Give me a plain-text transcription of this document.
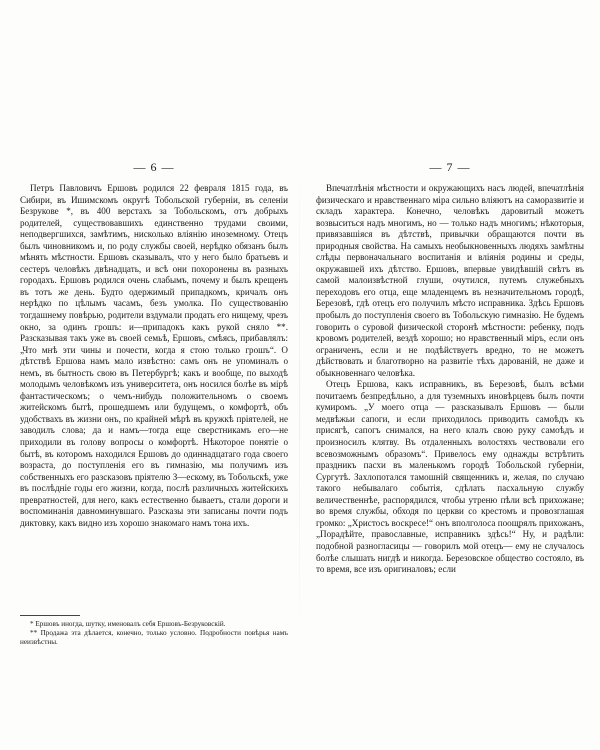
— 6 —

Петръ Павловичъ Ершовъ родился 22 февраля 1815 года, въ Сибири, въ Ишимскомъ округѣ Тобольской губерніи, въ селеніи Безрукове *, въ 400 верстахъ за Тобольскомъ, отъ добрыхъ родителей, существовавшихъ единственно трудами своими, неподвергшихся, замѣтимъ, нисколько вліянію иноземному. Отецъ былъ чиновникомъ и, по роду службы своей, нерѣдко обязанъ былъ мѣнять мѣстности. Ершовъ сказывалъ, что у него было братьевъ и сестеръ человѣкъ двѣнадцать, и всѣ они похоронены въ разныхъ городахъ. Ершовъ родился очень слабымъ, почему и былъ крещенъ въ тотъ же день. Будто одержимый припадкомъ, кричалъ онъ нерѣдко по цѣлымъ часамъ, безъ умолка. По существованію тогдашнему повѣрью, родители вздумали продать его нищему, чрезъ окно, за одинъ грошъ: и—припадокъ какъ рукой сняло **. Разсказывая такъ уже въ своей семьѣ, Ершовъ, смѣясь, прибавлялъ: „Что мнѣ эти чины и почести, когда я стою только грошъ“. О дѣтствѣ Ершова намъ мало извѣстно: самъ онъ не упоминалъ о немъ, въ бытность свою въ Петербургѣ; какъ и вообще, по выходѣ молодымъ человѣкомъ изъ университета, онъ носился болѣе въ мірѣ фантастическомъ; о чемъ-нибудь положительномъ о своемъ житейскомъ бытѣ, прошедшемъ или будущемъ, о комфортѣ, объ удобствахъ въ жизни онъ, по крайней мѣрѣ въ кружкѣ пріятелей, не заводилъ слова; да и намъ—тогда еще сверстникамъ его—не приходили въ голову вопросы о комфортѣ. Нѣкоторое понятіе о бытѣ, въ которомъ находился Ершовъ до одиннадцатаго года своего возраста, до поступленія его въ гимназію, мы получимъ изъ собственныхъ его разсказовъ пріятелю З—ескому, въ Тобольскѣ, уже въ послѣдніе годы его жизни, когда, послѣ различныхъ житейскихъ превратностей, для него, какъ естественно бываетъ, стали дороги и воспоминанія давноминувшаго. Разсказы эти записаны почти подъ диктовку, какъ видно изъ хорошо знакомаго намъ тона ихъ.

* Ершовъ иногда, шутку, именовалъ себя Ершовъ-Безруковскій.

** Продажа эта дѣлается, конечно, только условно. Подробности повѣрья намъ неизвѣстны.

— 7 —

Впечатлѣнія мѣстности и окружающихъ насъ людей, впечатлѣнія физическаго и нравственнаго міра сильно вліяютъ на саморазвитіе и складъ характера. Конечно, человѣкъ даровитый можетъ возвыситься надъ многимъ, но — только надъ многимъ; нѣкоторыя, привязавшіяся въ дѣтствѣ, привычки обращаются почти въ природныя свойства. На самыхъ необыкновенныхъ людяхъ замѣтны слѣды первоначальнаго воспитанія и вліянія родины и среды, окружавшей ихъ дѣтство. Ершовъ, впервые увидѣвшій свѣтъ въ самой малоизвѣстной глуши, очутился, путемъ служебныхъ переходовъ его отца, еще младенцемъ въ незначительномъ городѣ, Березовѣ, гдѣ отецъ его получилъ мѣсто исправника. Здѣсь Ершовъ пробылъ до поступленія своего въ Тобольскую гимназію. Не будемъ говорить о суровой физической сторонѣ мѣстности: ребенку, подъ кровомъ родителей, вездѣ хорошо; но нравственный міръ, если онъ ограниченъ, если и не подѣйствуетъ вредно, то не можетъ дѣйствовать и благотворно на развитіе тѣхъ дарованій, не даже и обыкновеннаго человѣка.

Отецъ Ершова, какъ исправникъ, въ Березовѣ, былъ всѣми почитаемъ безпредѣльно, а для туземныхъ иновѣрцевъ былъ почти кумиромъ. „У моего отца — разсказывалъ Ершовъ — были медвѣжьи сапоги, и если приходилось приводить самоѣдъ къ присягѣ, сапогъ снимался, на него клалъ свою руку самоѣдъ и произносилъ клятву. Въ отдаленныхъ волостяхъ чествовали его всевозможнымъ образомъ“. Привелось ему однажды встрѣтить праздникъ пасхи въ маленькомъ городѣ Тобольской губерніи, Сургутѣ. Захлопотался тамошній священникъ и, желая, по случаю такого небывалаго событія, сдѣлать пасхальную службу величественнѣе, распорядился, чтобы утреню пѣли всѣ прихожане; во время службы, обходя по церкви со крестомъ и провозглашая громко: „Христосъ воскресе!“ онъ вполголоса поощрялъ прихожанъ, „Порадѣйте, православные, исправникъ здѣсь!“ Ну, и радѣли: подобной разногласицы — говорилъ мой отецъ— ему не случалось болѣе слышать нигдѣ и никогда. Березовское общество состояло, въ то время, все изъ оригиналовъ; если
